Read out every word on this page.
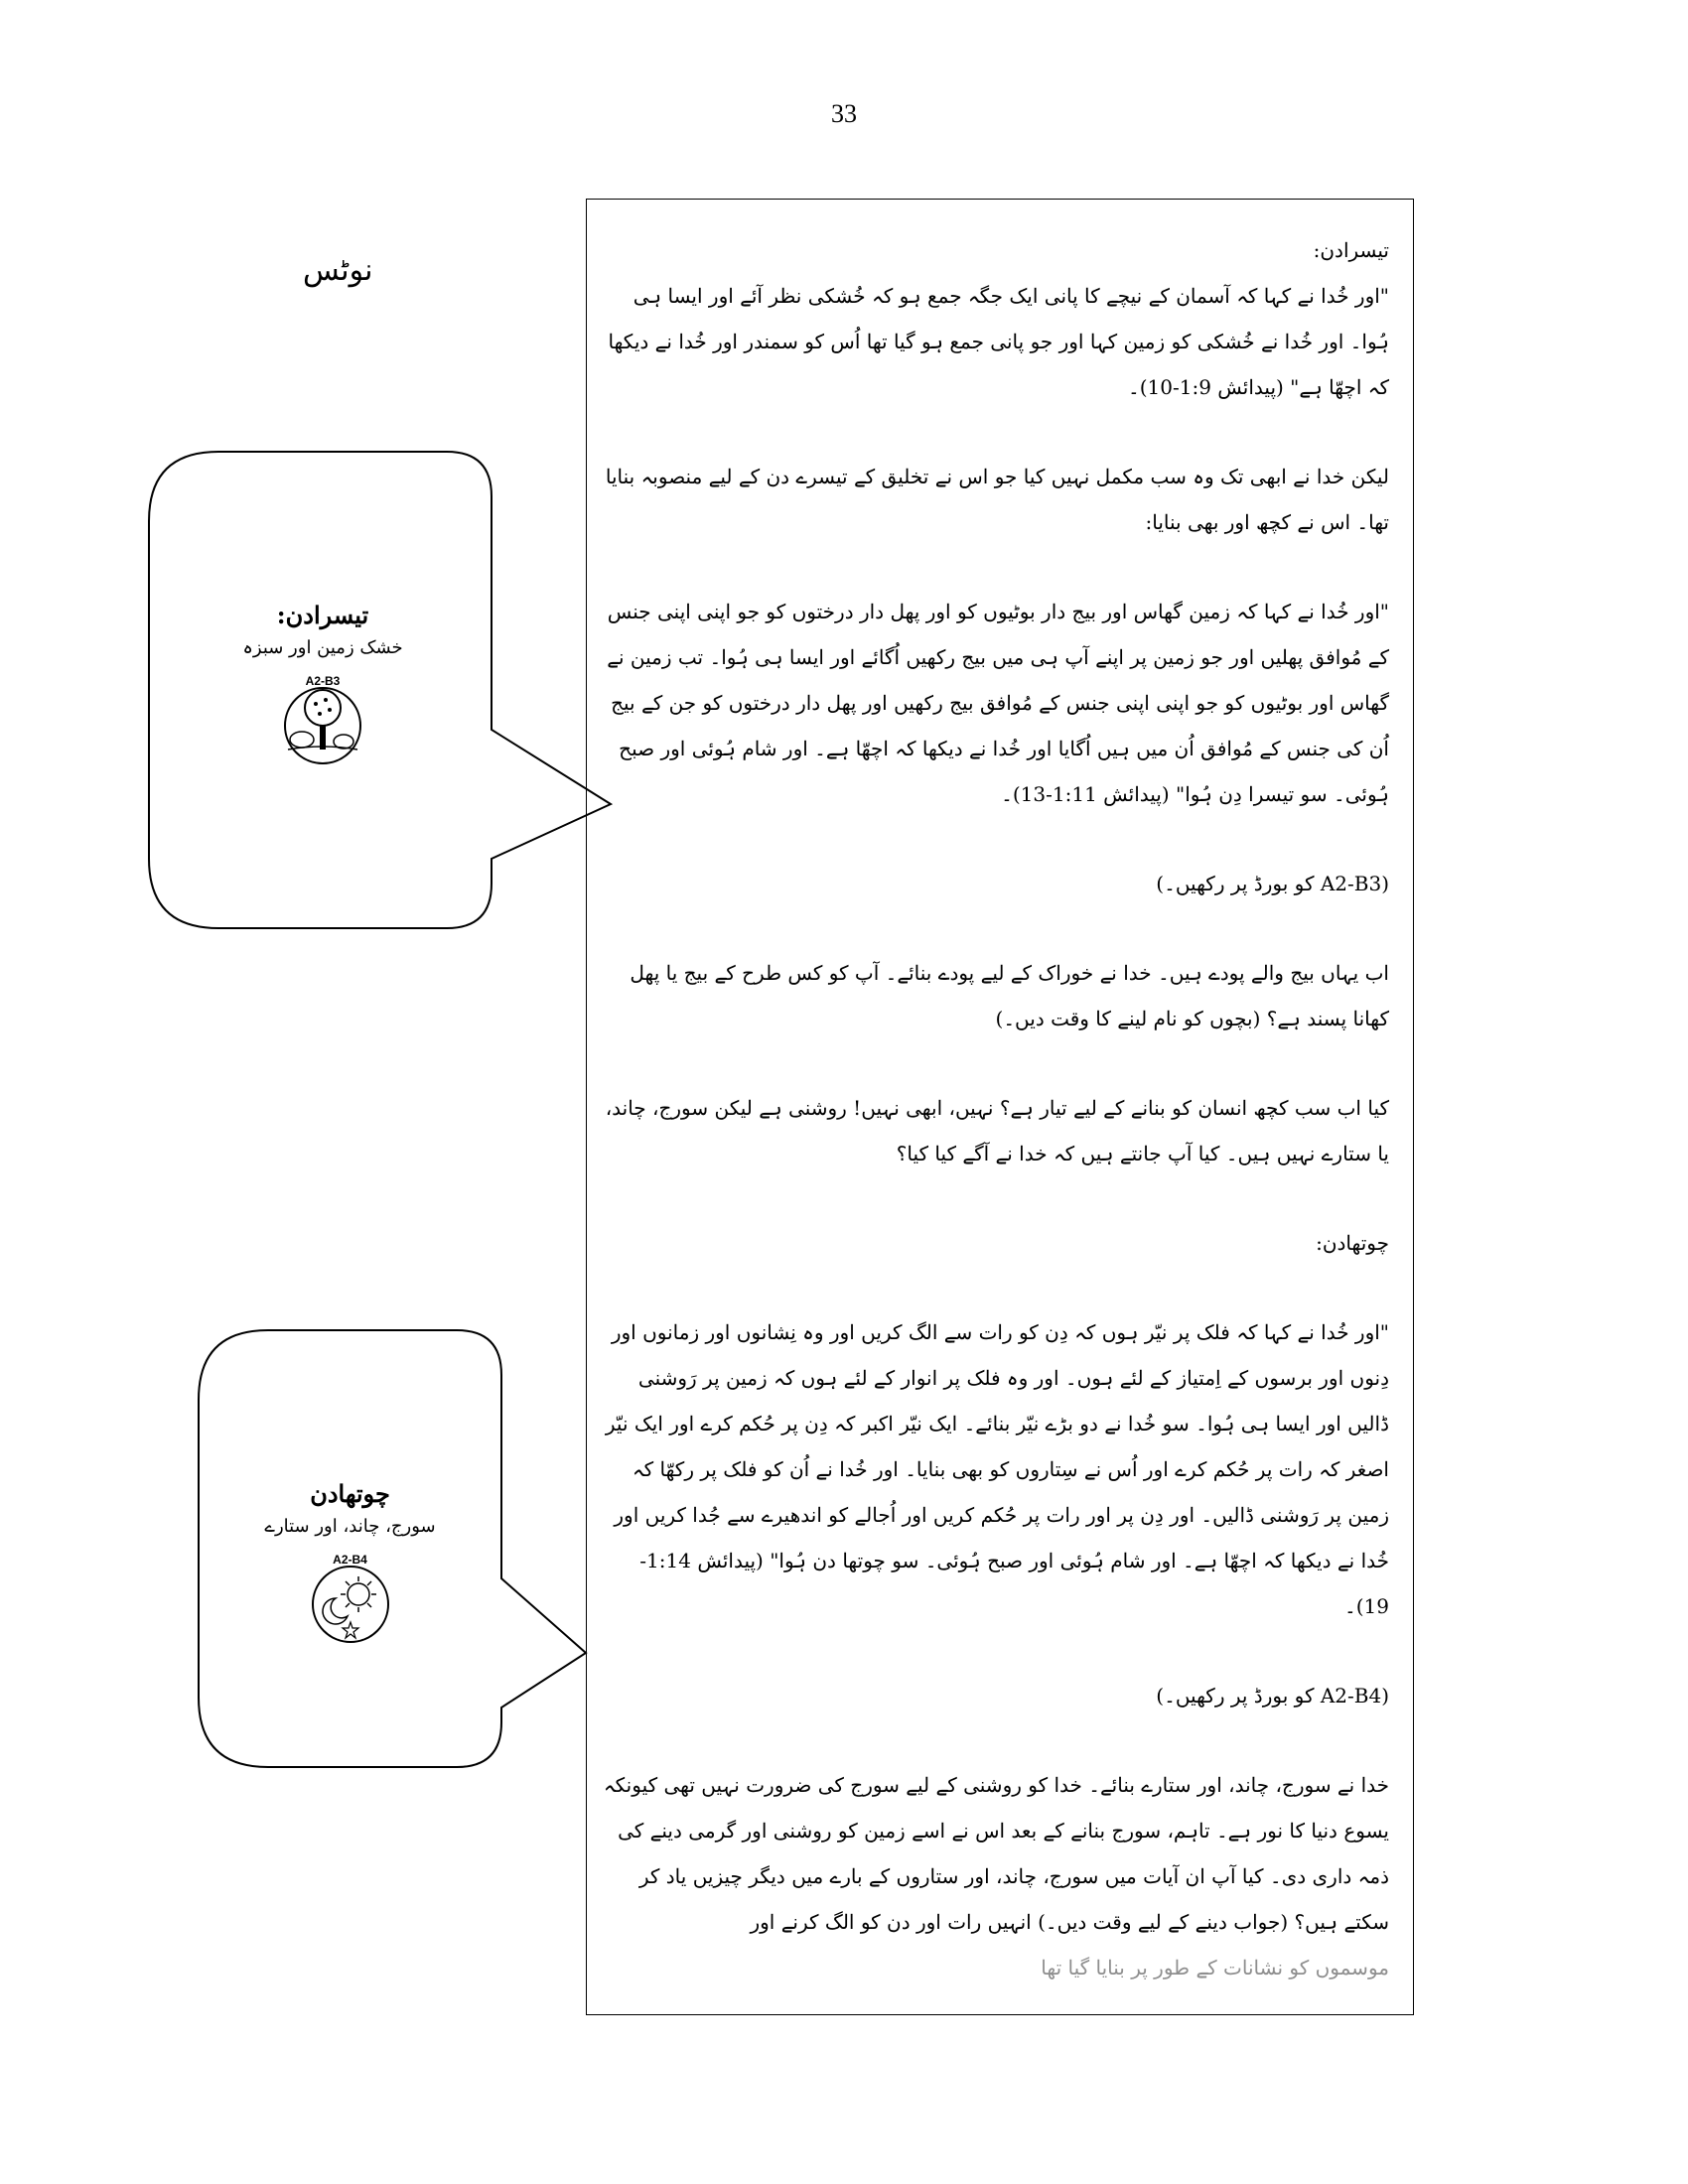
33
نوٹس

تیسرادن:

خشک زمین اور سبزہ

A2-B3

چوتھادن

سورج، چاند، اور ستارے

A2-B4

تیسرادن:

"اور خُدا نے کہا کہ آسمان کے نیچے کا پانی ایک جگہ جمع ہو کہ خُشکی نظر آئے اور ایسا ہی ہُوا۔ اور خُدا نے خُشکی کو زمین کہا اور جو پانی جمع ہو گیا تھا اُس کو سمندر اور خُدا نے دیکھا کہ اچھّا ہے" (پیدائش 1:9-10)۔

لیکن خدا نے ابھی تک وہ سب مکمل نہیں کیا جو اس نے تخلیق کے تیسرے دن کے لیے منصوبہ بنایا تھا۔ اس نے کچھ اور بھی بنایا:

"اور خُدا نے کہا کہ زمین گھاس اور بیج دار بوٹیوں کو اور پھل دار درختوں کو جو اپنی اپنی جنس کے مُوافق پھلیں اور جو زمین پر اپنے آپ ہی میں بیج رکھیں اُگائے اور ایسا ہی ہُوا۔ تب زمین نے گھاس اور بوٹیوں کو جو اپنی اپنی جنس کے مُوافق بیج رکھیں اور پھل دار درختوں کو جن کے بیج اُن کی جنس کے مُوافق اُن میں ہیں اُگایا اور خُدا نے دیکھا کہ اچھّا ہے۔ اور شام ہُوئی اور صبح ہُوئی۔ سو تیسرا دِن ہُوا" (پیدائش 1:11-13)۔

(A2-B3 کو بورڈ پر رکھیں۔)

اب یہاں بیج والے پودے ہیں۔ خدا نے خوراک کے لیے پودے بنائے۔ آپ کو کس طرح کے بیج یا پھل کھانا پسند ہے؟ (بچوں کو نام لینے کا وقت دیں۔)

کیا اب سب کچھ انسان کو بنانے کے لیے تیار ہے؟ نہیں، ابھی نہیں! روشنی ہے لیکن سورج، چاند، یا ستارے نہیں ہیں۔ کیا آپ جانتے ہیں کہ خدا نے آگے کیا کیا؟

چوتھادن:

"اور خُدا نے کہا کہ فلک پر نیّر ہوں کہ دِن کو رات سے الگ کریں اور وہ نِشانوں اور زمانوں اور دِنوں اور برسوں کے اِمتیاز کے لئے ہوں۔ اور وہ فلک پر انوار کے لئے ہوں کہ زمین پر رَوشنی ڈالیں اور ایسا ہی ہُوا۔ سو خُدا نے دو بڑے نیّر بنائے۔ ایک نیّر اکبر کہ دِن پر حُکم کرے اور ایک نیّر اصغر کہ رات پر حُکم کرے اور اُس نے سِتاروں کو بھی بنایا۔ اور خُدا نے اُن کو فلک پر رکھّا کہ زمین پر رَوشنی ڈالیں۔ اور دِن پر اور رات پر حُکم کریں اور اُجالے کو اندھیرے سے جُدا کریں اور خُدا نے دیکھا کہ اچھّا ہے۔ اور شام ہُوئی اور صبح ہُوئی۔ سو چوتھا دن ہُوا" (پیدائش 1:14-19)۔

(A2-B4 کو بورڈ پر رکھیں۔)

خدا نے سورج، چاند، اور ستارے بنائے۔ خدا کو روشنی کے لیے سورج کی ضرورت نہیں تھی کیونکہ یسوع دنیا کا نور ہے۔ تاہم، سورج بنانے کے بعد اس نے اسے زمین کو روشنی اور گرمی دینے کی ذمہ داری دی۔ کیا آپ ان آیات میں سورج، چاند، اور ستاروں کے بارے میں دیگر چیزیں یاد کر سکتے ہیں؟ (جواب دینے کے لیے وقت دیں۔) انہیں رات اور دن کو الگ کرنے اور

موسموں کو نشانات کے طور پر بنایا گیا تھا
